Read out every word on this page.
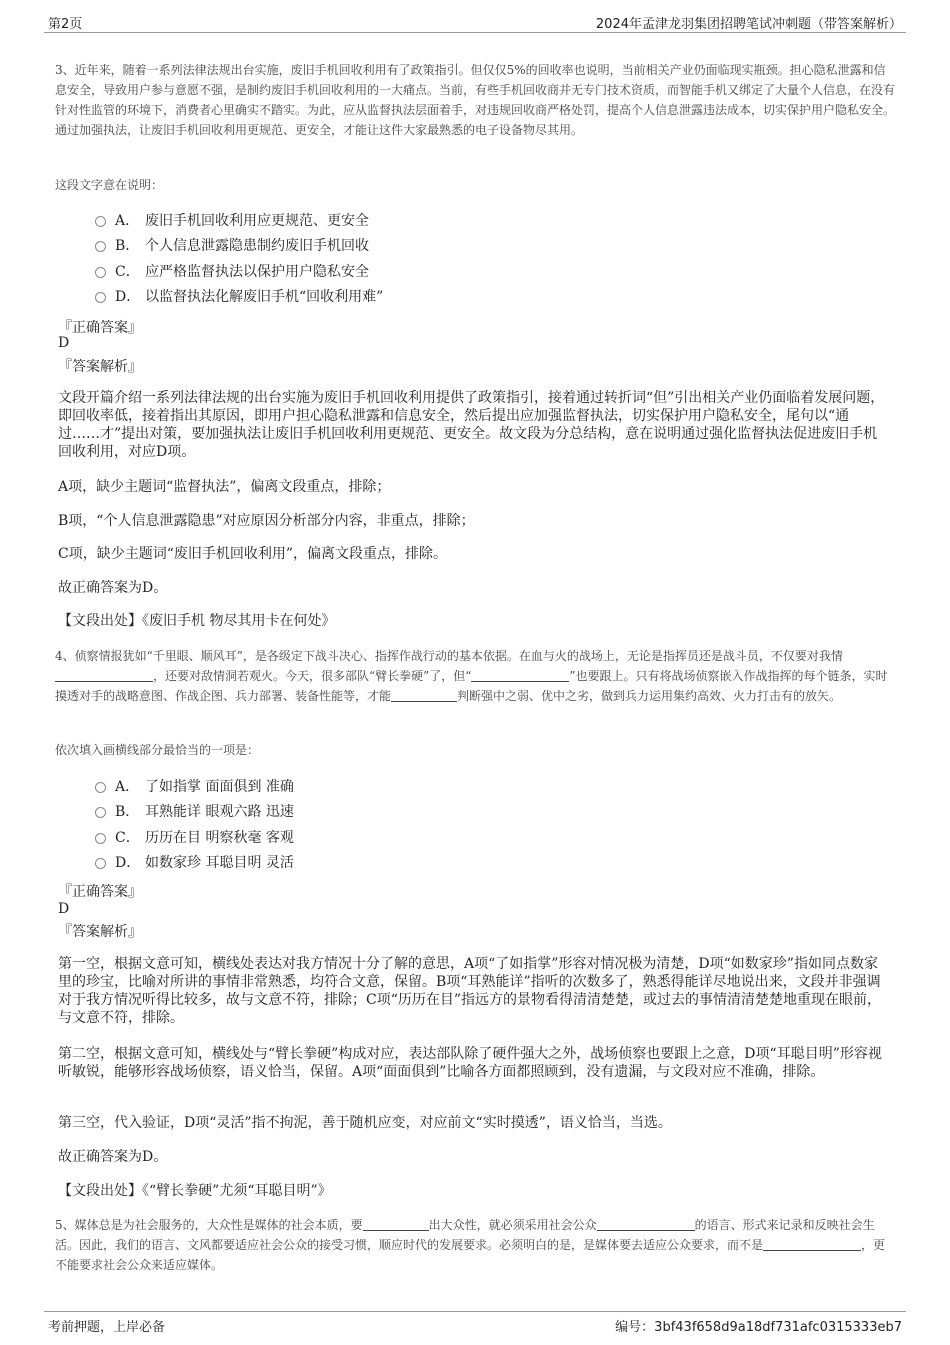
第2页	2024年孟津龙羽集团招聘笔试冲刺题（带答案解析）

3、近年来，随着一系列法律法规出台实施，废旧手机回收利用有了政策指引。但仅仅5%的回收率也说明，当前相关产业仍面临现实瓶颈。担心隐私泄露和信息安全，导致用户参与意愿不强，是制约废旧手机回收利用的一大痛点。当前，有些手机回收商并无专门技术资质，而智能手机又绑定了大量个人信息，在没有针对性监管的环境下，消费者心里确实不踏实。为此，应从监督执法层面着手，对违规回收商严格处罚，提高个人信息泄露违法成本，切实保护用户隐私安全。通过加强执法，让废旧手机回收利用更规范、更安全，才能让这件大家最熟悉的电子设备物尽其用。

这段文字意在说明：

A． 废旧手机回收利用应更规范、更安全
B． 个人信息泄露隐患制约废旧手机回收
C． 应严格监督执法以保护用户隐私安全
D． 以监督执法化解废旧手机“回收利用难”
『正确答案』
D
『答案解析』

文段开篇介绍一系列法律法规的出台实施为废旧手机回收利用提供了政策指引，接着通过转折词“但”引出相关产业仍面临着发展问题，即回收率低，接着指出其原因，即用户担心隐私泄露和信息安全，然后提出应加强监督执法，切实保护用户隐私安全，尾句以“通过……才”提出对策，要加强执法让废旧手机回收利用更规范、更安全。故文段为分总结构，意在说明通过强化监督执法促进废旧手机回收利用，对应D项。

A项，缺少主题词“监督执法”，偏离文段重点，排除；

B项，“个人信息泄露隐患”对应原因分析部分内容，非重点，排除；

C项，缺少主题词“废旧手机回收利用”，偏离文段重点，排除。

故正确答案为D。

【文段出处】《废旧手机 物尽其用卡在何处》

4、侦察情报犹如“千里眼、顺风耳”，是各级定下战斗决心、指挥作战行动的基本依据。在血与火的战场上，无论是指挥员还是战斗员，不仅要对我情，还要对敌情洞若观火。今天，很多部队“臂长拳硬”了，但“	”也要跟上。只有将战场侦察嵌入作战指挥的每个链条，实时摸透对手的战略意图、作战企图、兵力部署、装备性能等，才能	判断强中之弱、优中之劣，做到兵力运用集约高效、火力打击有的放矢。

依次填入画横线部分最恰当的一项是：

A． 了如指掌 面面俱到 准确
B． 耳熟能详 眼观六路 迅速
C． 历历在目 明察秋毫 客观
D． 如数家珍 耳聪目明 灵活
『正确答案』
D
『答案解析』

第一空，根据文意可知，横线处表达对我方情况十分了解的意思，A项“了如指掌”形容对情况极为清楚，D项“如数家珍”指如同点数家里的珍宝，比喻对所讲的事情非常熟悉，均符合文意，保留。B项“耳熟能详”指听的次数多了，熟悉得能详尽地说出来，文段并非强调对于我方情况听得比较多，故与文意不符，排除；C项“历历在目”指远方的景物看得清清楚楚，或过去的事情清清楚楚地重现在眼前，与文意不符，排除。

第二空，根据文意可知，横线处与“臂长拳硬”构成对应，表达部队除了硬件强大之外，战场侦察也要跟上之意，D项“耳聪目明”形容视听敏锐，能够形容战场侦察，语义恰当，保留。A项“面面俱到”比喻各方面都照顾到，没有遗漏，与文段对应不准确，排除。

第三空，代入验证，D项“灵活”指不拘泥，善于随机应变，对应前文“实时摸透”，语义恰当，当选。

故正确答案为D。

【文段出处】《“臂长拳硬”尤须“耳聪目明”》

5、媒体总是为社会服务的，大众性是媒体的社会本质，要	出大众性，就必须采用社会公众	的语言、形式来记录和反映社会生活。因此，我们的语言、文风都要适应社会公众的接受习惯，顺应时代的发展要求。必须明白的是，是媒体要去适应公众要求，而不是	，更不能要求社会公众来适应媒体。

考前押题，上岸必备	编号：3bf43f658d9a18df731afc0315333eb7
